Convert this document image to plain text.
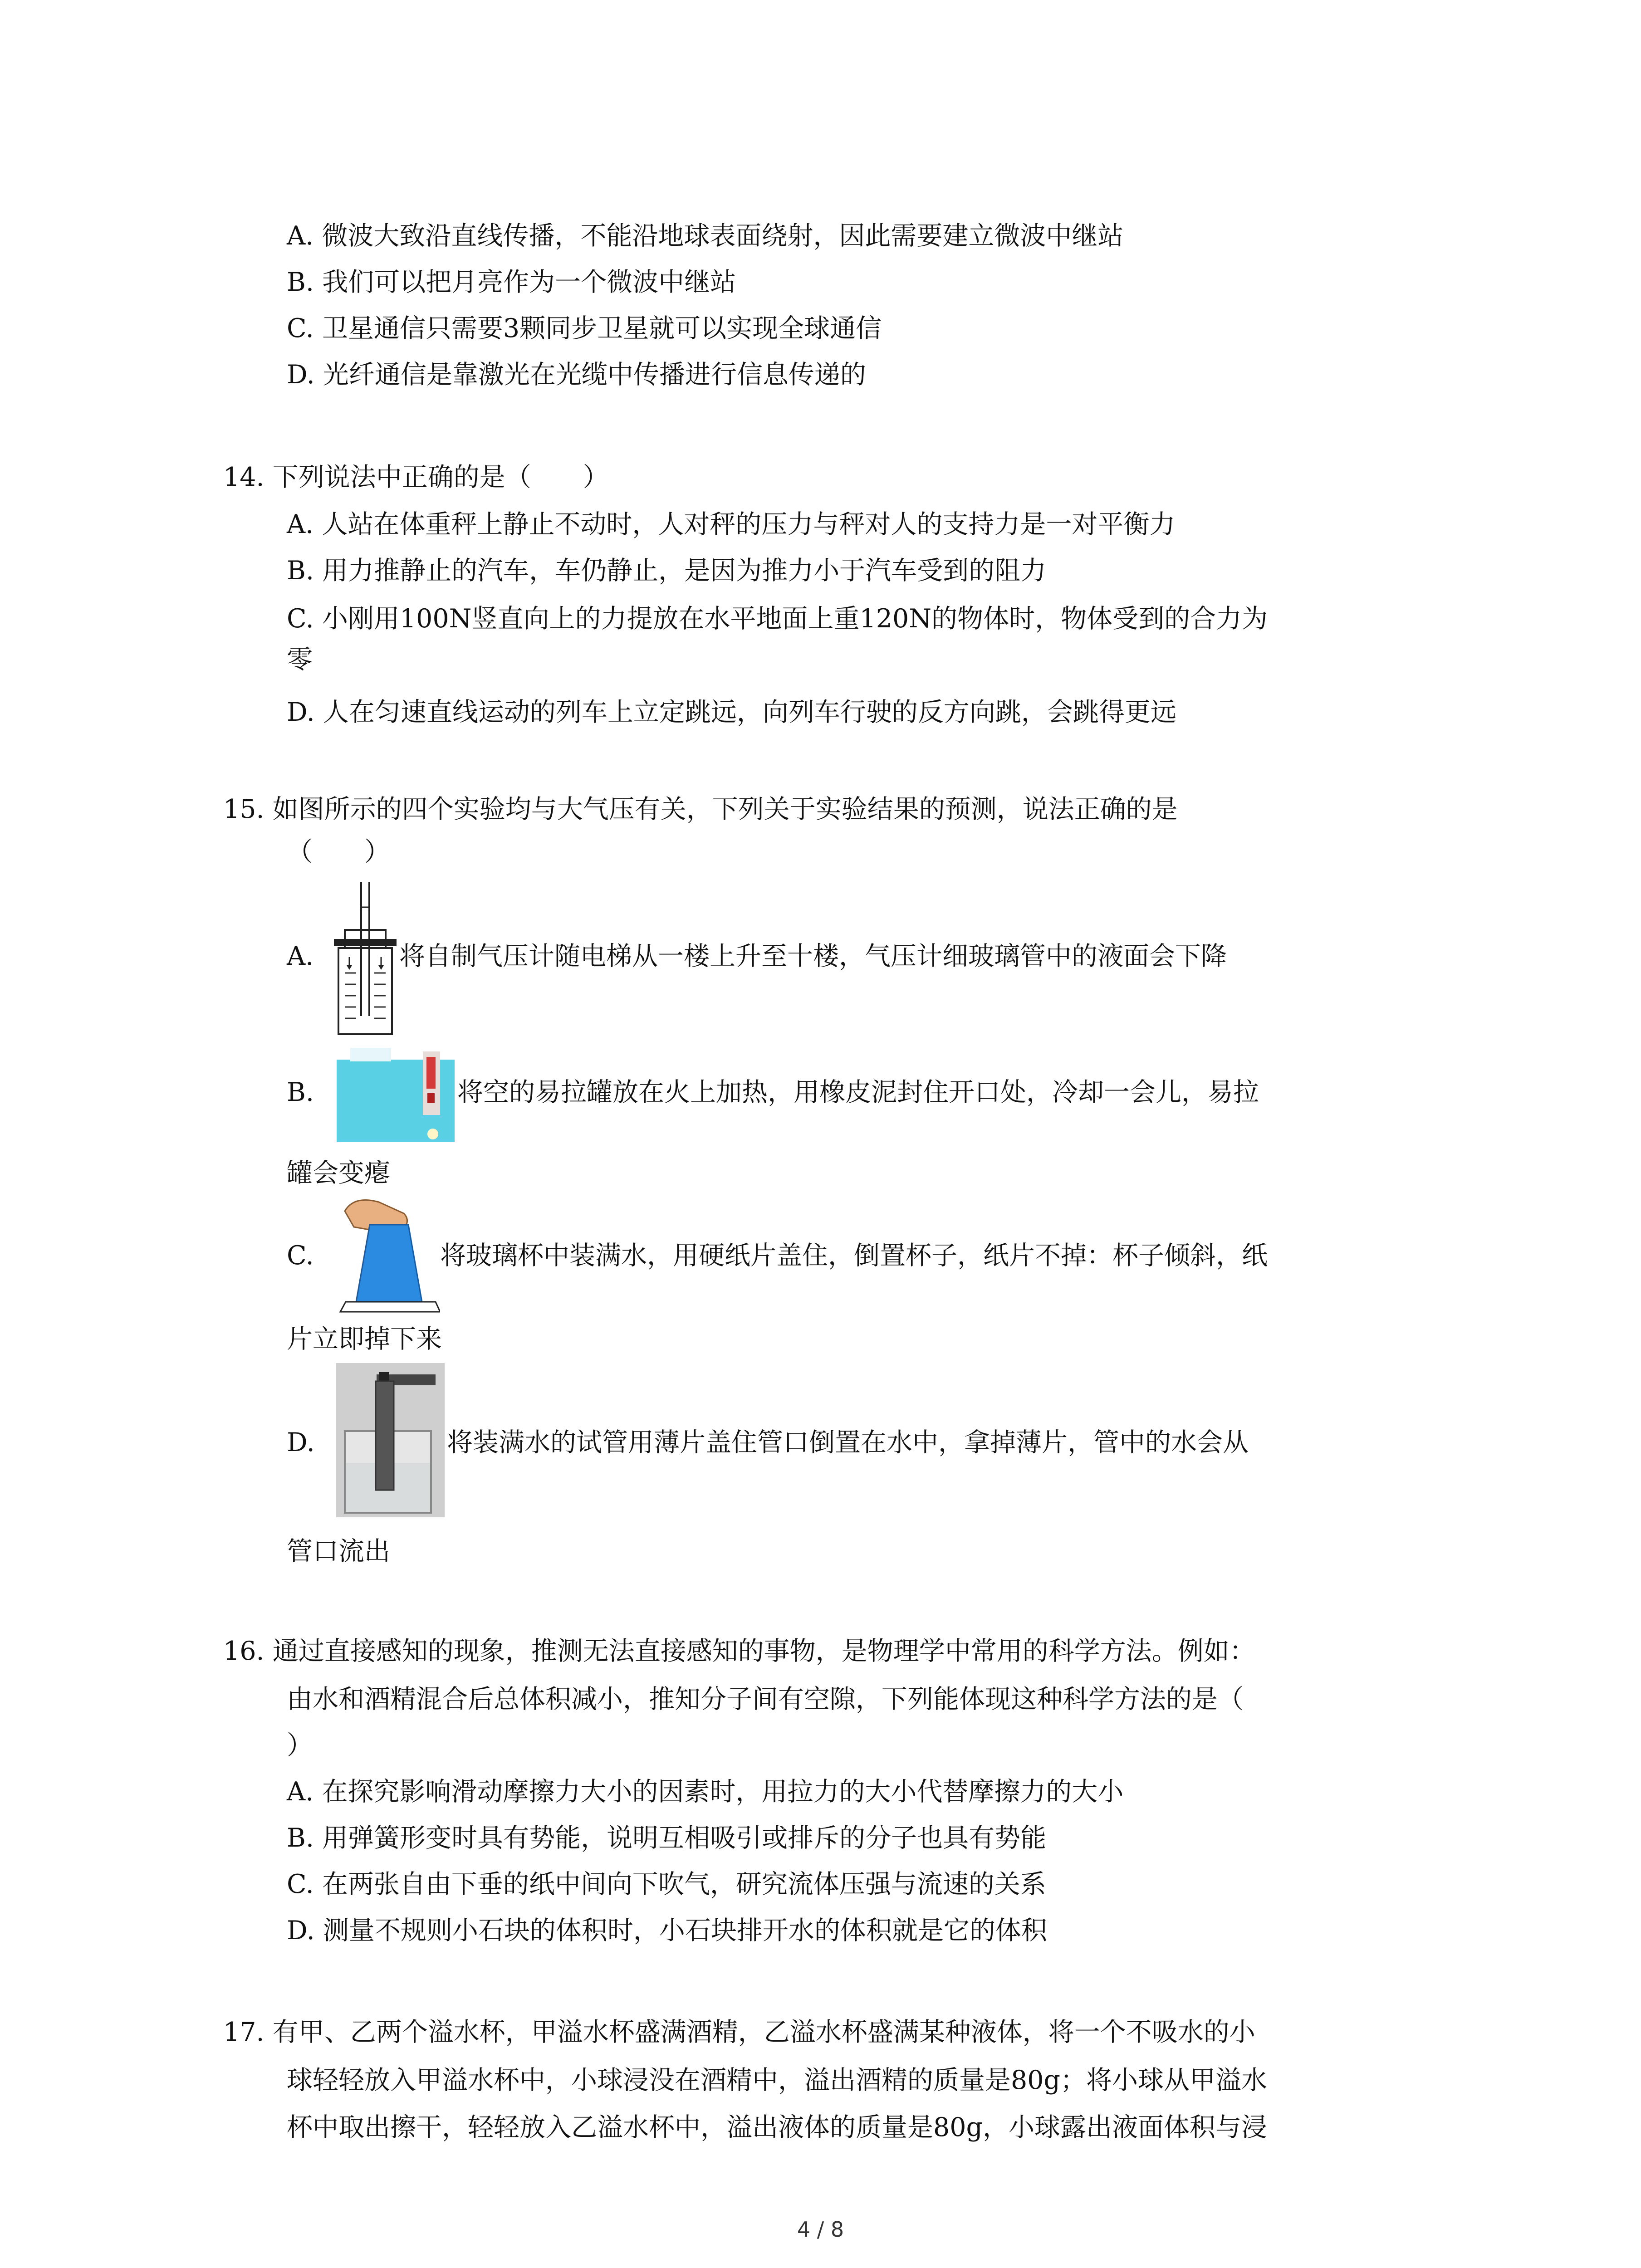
A. 微波大致沿直线传播，不能沿地球表面绕射，因此需要建立微波中继站
B. 我们可以把月亮作为一个微波中继站
C. 卫星通信只需要3颗同步卫星就可以实现全球通信
D. 光纤通信是靠激光在光缆中传播进行信息传递的
14. 下列说法中正确的是（　　）
A. 人站在体重秤上静止不动时，人对秤的压力与秤对人的支持力是一对平衡力
B. 用力推静止的汽车，车仍静止，是因为推力小于汽车受到的阻力
C. 小刚用100N竖直向上的力提放在水平地面上重120N的物体时，物体受到的合力为
零
D. 人在匀速直线运动的列车上立定跳远，向列车行驶的反方向跳，会跳得更远
15. 如图所示的四个实验均与大气压有关，下列关于实验结果的预测，说法正确的是
（　　）
A.	将自制气压计随电梯从一楼上升至十楼，气压计细玻璃管中的液面会下降
B.	将空的易拉罐放在火上加热，用橡皮泥封住开口处，冷却一会儿，易拉
罐会变瘪
C.	将玻璃杯中装满水，用硬纸片盖住，倒置杯子，纸片不掉：杯子倾斜，纸
片立即掉下来
D.	将装满水的试管用薄片盖住管口倒置在水中，拿掉薄片，管中的水会从
管口流出
16. 通过直接感知的现象，推测无法直接感知的事物，是物理学中常用的科学方法。例如：
由水和酒精混合后总体积减小，推知分子间有空隙，下列能体现这种科学方法的是（
）
A. 在探究影响滑动摩擦力大小的因素时，用拉力的大小代替摩擦力的大小
B. 用弹簧形变时具有势能，说明互相吸引或排斥的分子也具有势能
C. 在两张自由下垂的纸中间向下吹气，研究流体压强与流速的关系
D. 测量不规则小石块的体积时，小石块排开水的体积就是它的体积
17. 有甲、乙两个溢水杯，甲溢水杯盛满酒精，乙溢水杯盛满某种液体，将一个不吸水的小
球轻轻放入甲溢水杯中，小球浸没在酒精中，溢出酒精的质量是80g；将小球从甲溢水
杯中取出擦干，轻轻放入乙溢水杯中，溢出液体的质量是80g，小球露出液面体积与浸
4 / 8
